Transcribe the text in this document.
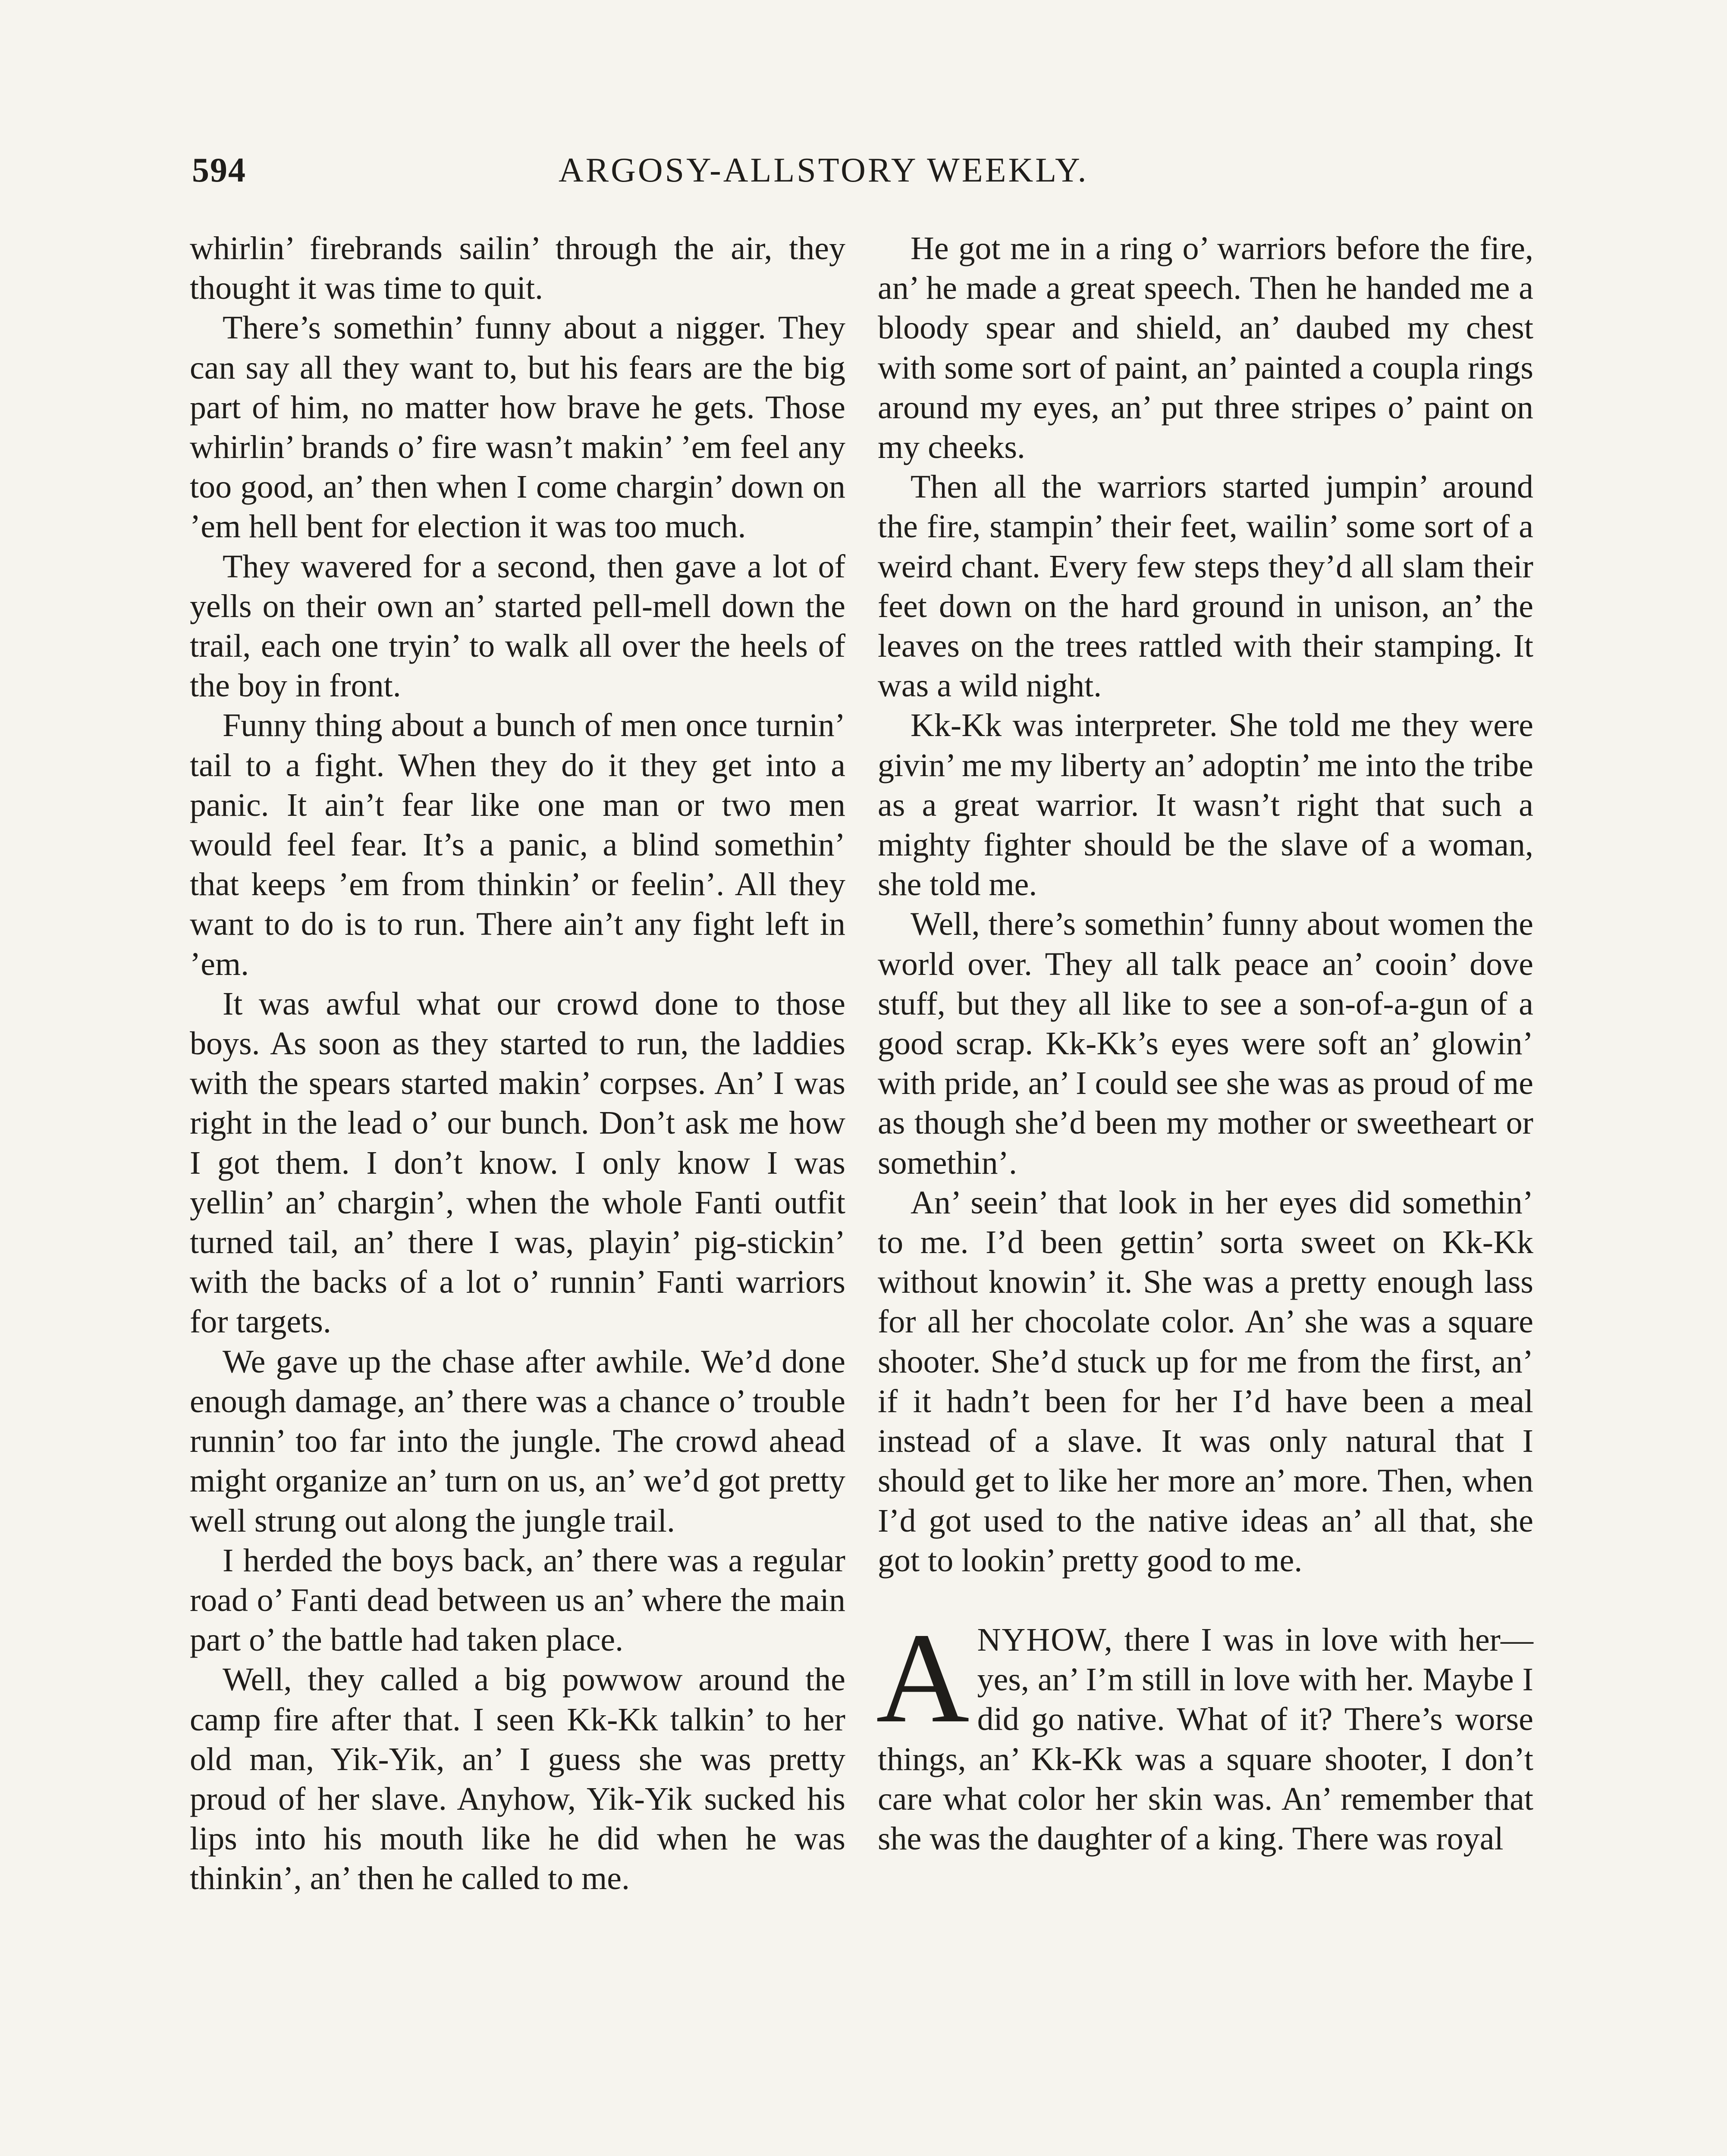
594	ARGOSY-ALLSTORY WEEKLY.

whirlin’ firebrands sailin’ through the air, they thought it was time to quit.

There’s somethin’ funny about a nigger. They can say all they want to, but his fears are the big part of him, no matter how brave he gets. Those whirlin’ brands o’ fire wasn’t makin’ ’em feel any too good, an’ then when I come chargin’ down on ’em hell bent for election it was too much.

They wavered for a second, then gave a lot of yells on their own an’ started pell-mell down the trail, each one tryin’ to walk all over the heels of the boy in front.

Funny thing about a bunch of men once turnin’ tail to a fight. When they do it they get into a panic. It ain’t fear like one man or two men would feel fear. It’s a panic, a blind somethin’ that keeps ’em from thinkin’ or feelin’. All they want to do is to run. There ain’t any fight left in ’em.

It was awful what our crowd done to those boys. As soon as they started to run, the laddies with the spears started makin’ corpses. An’ I was right in the lead o’ our bunch. Don’t ask me how I got them. I don’t know. I only know I was yellin’ an’ chargin’, when the whole Fanti outfit turned tail, an’ there I was, playin’ pig-stickin’ with the backs of a lot o’ runnin’ Fanti warriors for targets.

We gave up the chase after awhile. We’d done enough damage, an’ there was a chance o’ trouble runnin’ too far into the jungle. The crowd ahead might organize an’ turn on us, an’ we’d got pretty well strung out along the jungle trail.

I herded the boys back, an’ there was a regular road o’ Fanti dead between us an’ where the main part o’ the battle had taken place.

Well, they called a big powwow around the camp fire after that. I seen Kk-Kk talkin’ to her old man, Yik-Yik, an’ I guess she was pretty proud of her slave. Anyhow, Yik-Yik sucked his lips into his mouth like he did when he was thinkin’, an’ then he called to me.

He got me in a ring o’ warriors before the fire, an’ he made a great speech. Then he handed me a bloody spear and shield, an’ daubed my chest with some sort of paint, an’ painted a coupla rings around my eyes, an’ put three stripes o’ paint on my cheeks.

Then all the warriors started jumpin’ around the fire, stampin’ their feet, wailin’ some sort of a weird chant. Every few steps they’d all slam their feet down on the hard ground in unison, an’ the leaves on the trees rattled with their stamping. It was a wild night.

Kk-Kk was interpreter. She told me they were givin’ me my liberty an’ adoptin’ me into the tribe as a great warrior. It wasn’t right that such a mighty fighter should be the slave of a woman, she told me.

Well, there’s somethin’ funny about women the world over. They all talk peace an’ cooin’ dove stuff, but they all like to see a son-of-a-gun of a good scrap. Kk-Kk’s eyes were soft an’ glowin’ with pride, an’ I could see she was as proud of me as though she’d been my mother or sweetheart or somethin’.

An’ seein’ that look in her eyes did somethin’ to me. I’d been gettin’ sorta sweet on Kk-Kk without knowin’ it. She was a pretty enough lass for all her chocolate color. An’ she was a square shooter. She’d stuck up for me from the first, an’ if it hadn’t been for her I’d have been a meal instead of a slave. It was only natural that I should get to like her more an’ more. Then, when I’d got used to the native ideas an’ all that, she got to lookin’ pretty good to me.

ANYHOW, there I was in love with her—yes, an’ I’m still in love with her. Maybe I did go native. What of it? There’s worse things, an’ Kk-Kk was a square shooter, I don’t care what color her skin was. An’ remember that she was the daughter of a king. There was royal
